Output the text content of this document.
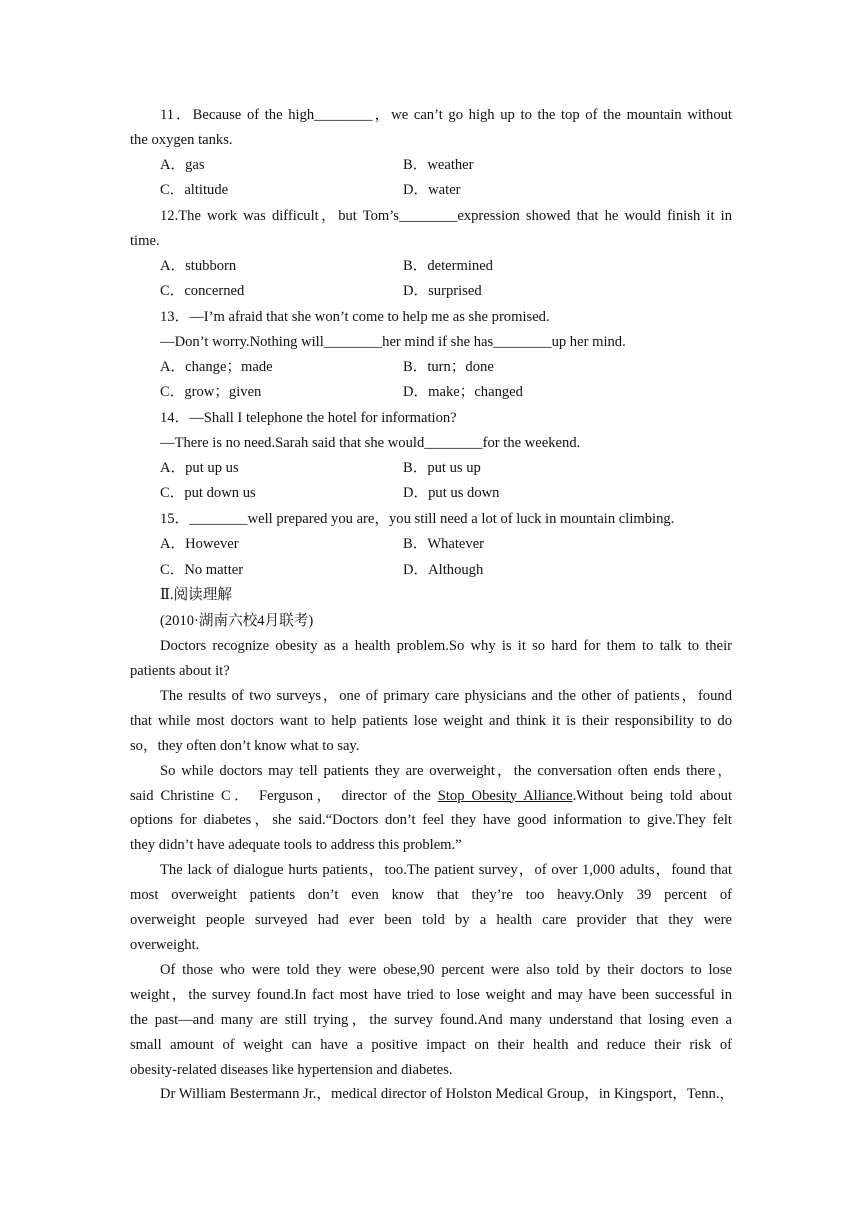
11．Because of the high________，we can’t go high up to the top of the mountain without
the oxygen tanks.
A．gas	B．weather
C．altitude	D．water
12.The work was difficult，but Tom’s________expression showed that he would finish it in
time.
A．stubborn	B．determined
C．concerned	D．surprised
13．—I’m afraid that she won’t come to help me as she promised.
—Don’t worry.Nothing will________her mind if she has________up her mind.
A．change；made	B．turn；done
C．grow；given	D．make；changed
14．—Shall I telephone the hotel for information?
—There is no need.Sarah said that she would________for the weekend.
A．put up us	B．put us up
C．put down us	D．put us down
15．________well prepared you are，you still need a lot of luck in mountain climbing.
A．However	B．Whatever
C．No matter	D．Although
Ⅱ.阅读理解
(2010·湖南六校4月联考)
Doctors recognize obesity as a health problem.So why is it so hard for them to talk to their
patients about it?
The results of two surveys，one of primary care physicians and the other of patients，found
that while most doctors want to help patients lose weight and think it is their responsibility to do
so，they often don’t know what to say.
So while doctors may tell patients they are overweight，the conversation often ends there，
said Christine C． Ferguson， director of the Stop Obesity Alliance.Without being told about
options for diabetes，she said.“Doctors don’t feel they have good information to give.They felt
they didn’t have adequate tools to address this problem.”
The lack of dialogue hurts patients，too.The patient survey，of over 1,000 adults，found that
most overweight patients don’t even know that they’re too heavy.Only 39 percent of
overweight people surveyed had ever been told by a health care provider that they were
overweight.
Of those who were told they were obese,90 percent were also told by their doctors to lose
weight，the survey found.In fact most have tried to lose weight and may have been successful in
the past—and many are still trying，the survey found.And many understand that losing even a
small amount of weight can have a positive impact on their health and reduce their risk of
obesity-related diseases like hypertension and diabetes.
Dr William Bestermann Jr.，medical director of Holston Medical Group，in Kingsport，Tenn.，
